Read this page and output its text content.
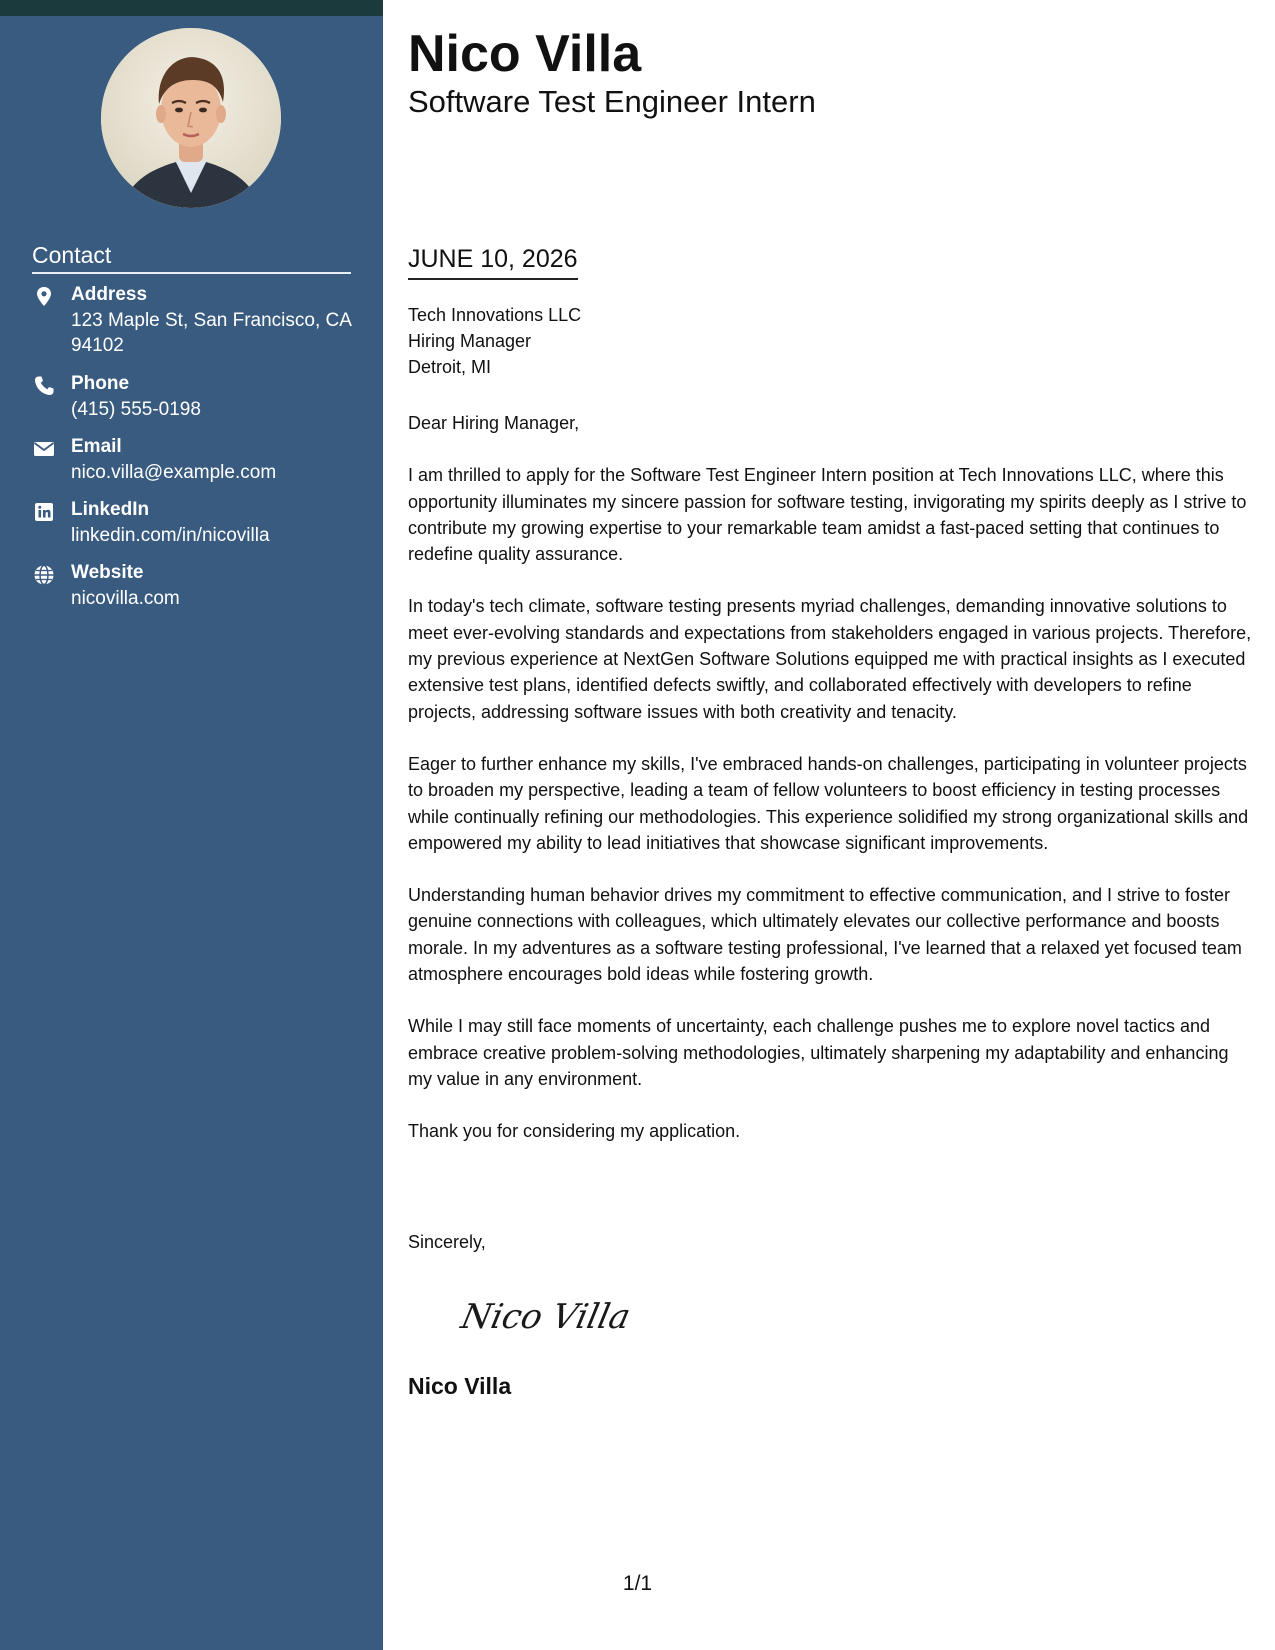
Contact
Address
123 Maple St, San Francisco, CA 94102
Phone
(415) 555-0198
Email
nico.villa@example.com
LinkedIn
linkedin.com/in/nicovilla
Website
nicovilla.com
Nico Villa
Software Test Engineer Intern
JUNE 10, 2026
Tech Innovations LLC
Hiring Manager
Detroit, MI

Dear Hiring Manager,

I am thrilled to apply for the Software Test Engineer Intern position at Tech Innovations LLC, where this opportunity illuminates my sincere passion for software testing, invigorating my spirits deeply as I strive to contribute my growing expertise to your remarkable team amidst a fast-paced setting that continues to redefine quality assurance.

In today's tech climate, software testing presents myriad challenges, demanding innovative solutions to meet ever-evolving standards and expectations from stakeholders engaged in various projects. Therefore, my previous experience at NextGen Software Solutions equipped me with practical insights as I executed extensive test plans, identified defects swiftly, and collaborated effectively with developers to refine projects, addressing software issues with both creativity and tenacity.

Eager to further enhance my skills, I've embraced hands-on challenges, participating in volunteer projects to broaden my perspective, leading a team of fellow volunteers to boost efficiency in testing processes while continually refining our methodologies. This experience solidified my strong organizational skills and empowered my ability to lead initiatives that showcase significant improvements.

Understanding human behavior drives my commitment to effective communication, and I strive to foster genuine connections with colleagues, which ultimately elevates our collective performance and boosts morale. In my adventures as a software testing professional, I've learned that a relaxed yet focused team atmosphere encourages bold ideas while fostering growth.

While I may still face moments of uncertainty, each challenge pushes me to explore novel tactics and embrace creative problem-solving methodologies, ultimately sharpening my adaptability and enhancing my value in any environment.

Thank you for considering my application.

Sincerely,
Nico Villa
Nico Villa
1/1
